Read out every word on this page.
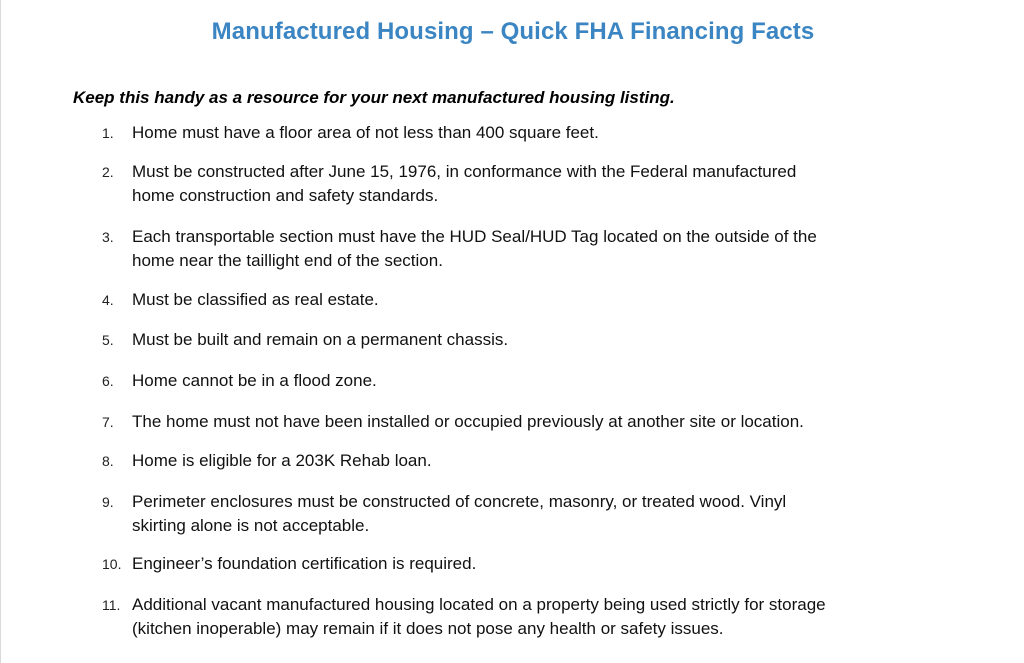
Manufactured Housing – Quick FHA Financing Facts
Keep this handy as a resource for your next manufactured housing listing.
1.	Home must have a floor area of not less than 400 square feet.
2.	Must be constructed after June 15, 1976, in conformance with the Federal manufactured
home construction and safety standards.
3.	Each transportable section must have the HUD Seal/HUD Tag located on the outside of the
home near the taillight end of the section.
4.	Must be classified as real estate.
5.	Must be built and remain on a permanent chassis.
6.	Home cannot be in a flood zone.
7.	The home must not have been installed or occupied previously at another site or location.
8.	Home is eligible for a 203K Rehab loan.
9.	Perimeter enclosures must be constructed of concrete, masonry, or treated wood. Vinyl
skirting alone is not acceptable.
10. Engineer’s foundation certification is required.
11. Additional vacant manufactured housing located on a property being used strictly for storage
(kitchen inoperable) may remain if it does not pose any health or safety issues.
